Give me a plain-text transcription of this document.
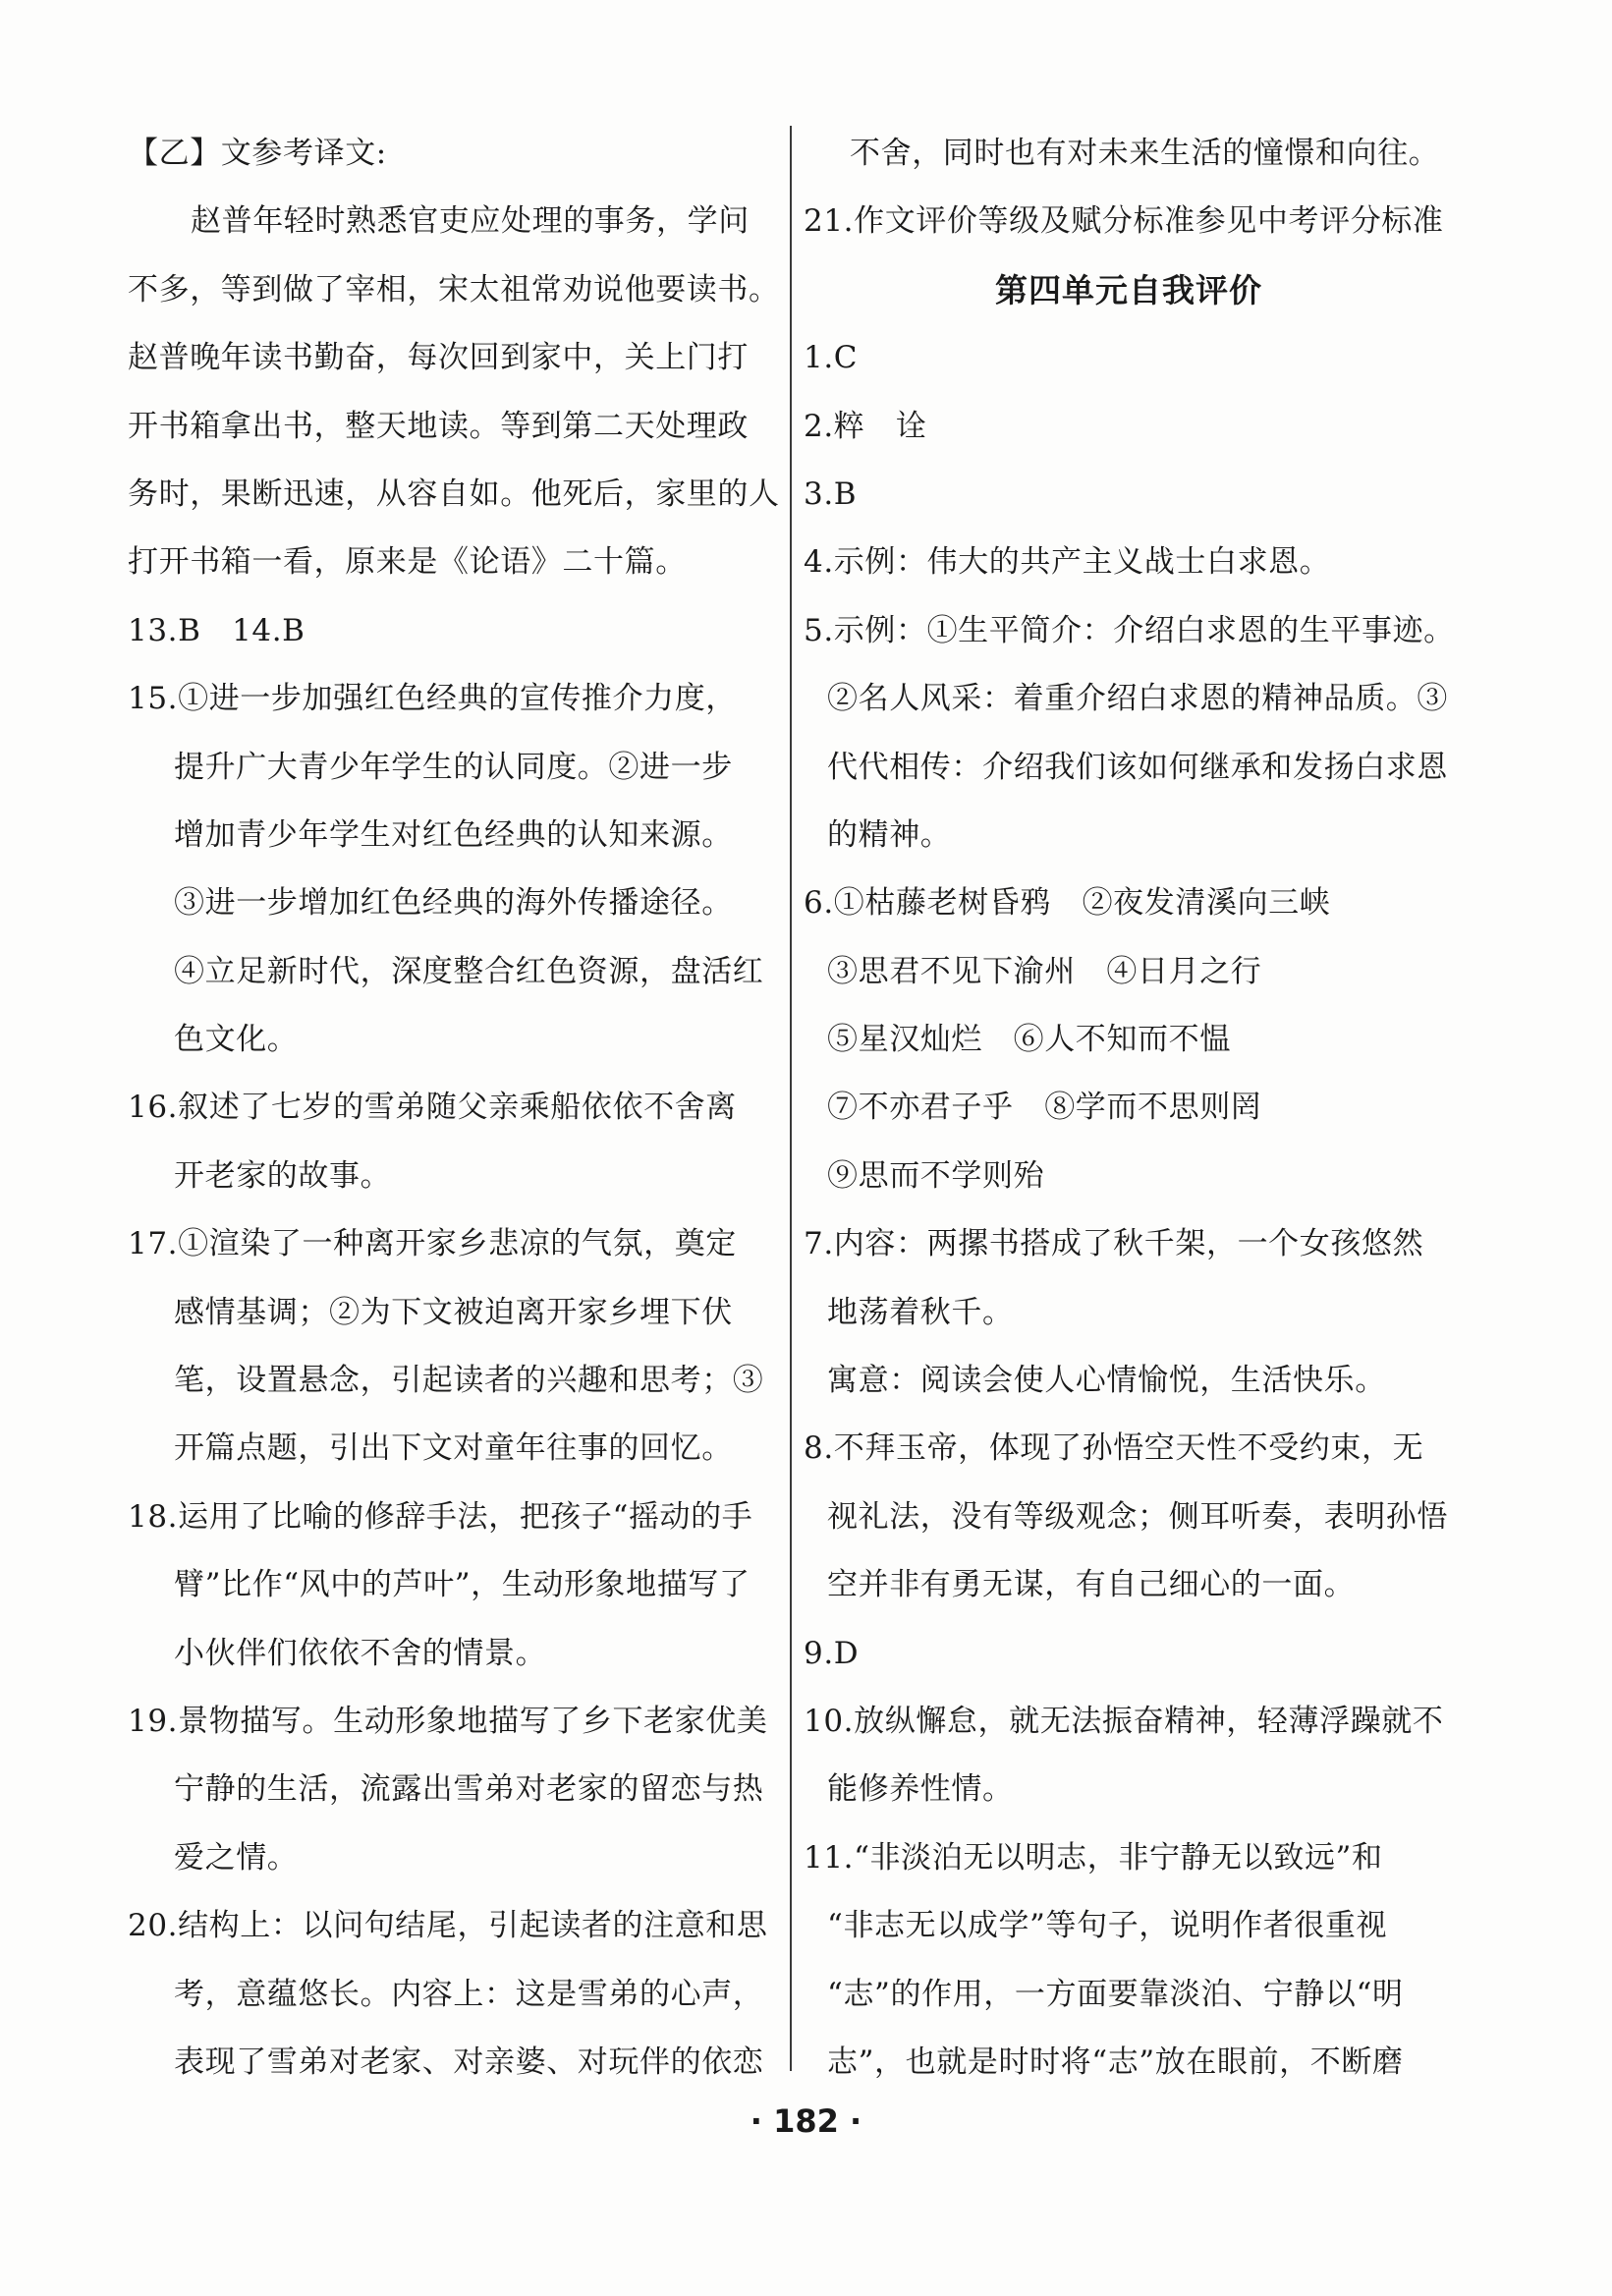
【乙】文参考译文:
赵普年轻时熟悉官吏应处理的事务，学问
不多，等到做了宰相，宋太祖常劝说他要读书。
赵普晚年读书勤奋，每次回到家中，关上门打
开书箱拿出书，整天地读。等到第二天处理政
务时，果断迅速，从容自如。他死后，家里的人
打开书箱一看，原来是《论语》二十篇。
13.B　14.B
15.①进一步加强红色经典的宣传推介力度，
提升广大青少年学生的认同度。②进一步
增加青少年学生对红色经典的认知来源。
③进一步增加红色经典的海外传播途径。
④立足新时代，深度整合红色资源，盘活红
色文化。
16.叙述了七岁的雪弟随父亲乘船依依不舍离
开老家的故事。
17.①渲染了一种离开家乡悲凉的气氛，奠定
感情基调；②为下文被迫离开家乡埋下伏
笔，设置悬念，引起读者的兴趣和思考；③
开篇点题，引出下文对童年往事的回忆。
18.运用了比喻的修辞手法，把孩子“摇动的手
臂”比作“风中的芦叶”，生动形象地描写了
小伙伴们依依不舍的情景。
19.景物描写。生动形象地描写了乡下老家优美
宁静的生活，流露出雪弟对老家的留恋与热
爱之情。
20.结构上：以问句结尾，引起读者的注意和思
考，意蕴悠长。内容上：这是雪弟的心声，
表现了雪弟对老家、对亲婆、对玩伴的依恋
不舍，同时也有对未来生活的憧憬和向往。
21.作文评价等级及赋分标准参见中考评分标准
第四单元自我评价
1.C
2.粹　诠
3.B
4.示例：伟大的共产主义战士白求恩。
5.示例：①生平简介：介绍白求恩的生平事迹。
②名人风采：着重介绍白求恩的精神品质。③
代代相传：介绍我们该如何继承和发扬白求恩
的精神。
6.①枯藤老树昏鸦　②夜发清溪向三峡
③思君不见下渝州　④日月之行
⑤星汉灿烂　⑥人不知而不愠
⑦不亦君子乎　⑧学而不思则罔
⑨思而不学则殆
7.内容：两摞书搭成了秋千架，一个女孩悠然
地荡着秋千。
寓意：阅读会使人心情愉悦，生活快乐。
8.不拜玉帝，体现了孙悟空天性不受约束，无
视礼法，没有等级观念；侧耳听奏，表明孙悟
空并非有勇无谋，有自己细心的一面。
9.D
10.放纵懈怠，就无法振奋精神，轻薄浮躁就不
能修养性情。
11.“非淡泊无以明志，非宁静无以致远”和
“非志无以成学”等句子，说明作者很重视
“志”的作用，一方面要靠淡泊、宁静以“明
志”，也就是时时将“志”放在眼前，不断磨
· 182 ·
